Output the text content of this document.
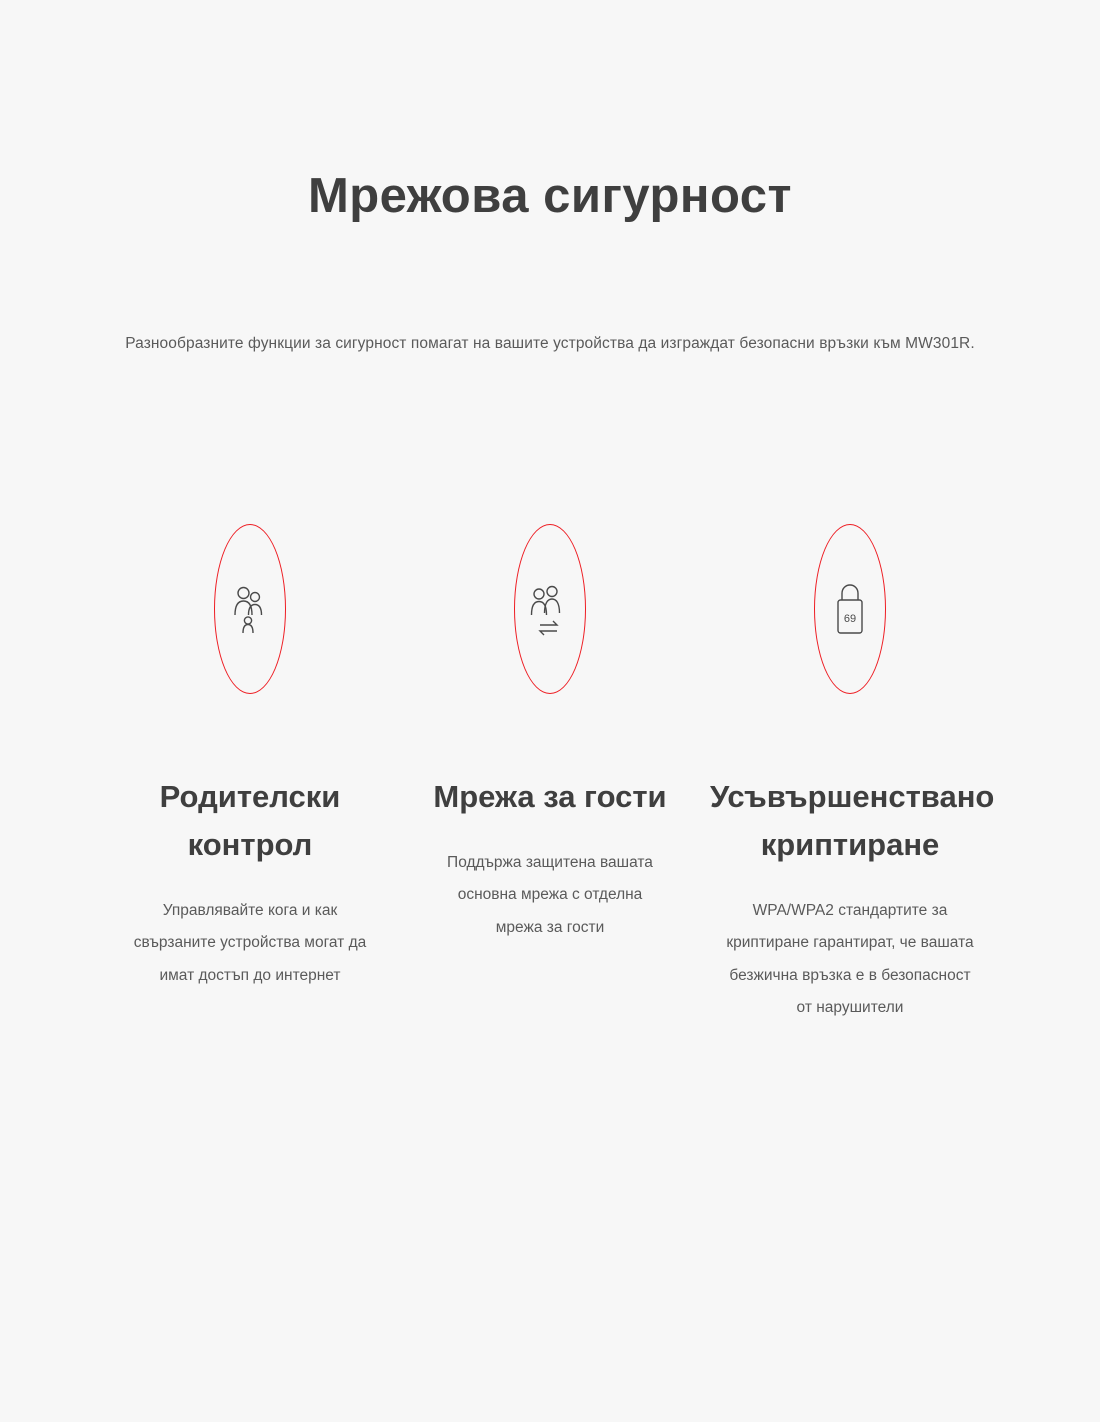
Мрежова сигурност

Разнообразните функции за сигурност помагат на вашите устройства да изграждат безопасни връзки към MW301R.

Родителски контрол
Управлявайте кога и как свързаните устройства могат да имат достъп до интернет
Мрежа за гости
Поддържа защитена вашата основна мрежа с отделна мрежа за гости
69
Усъвършенствано криптиране
WPA/WPA2 стандартите за криптиране гарантират, че вашата безжична връзка е в безопасност от нарушители
